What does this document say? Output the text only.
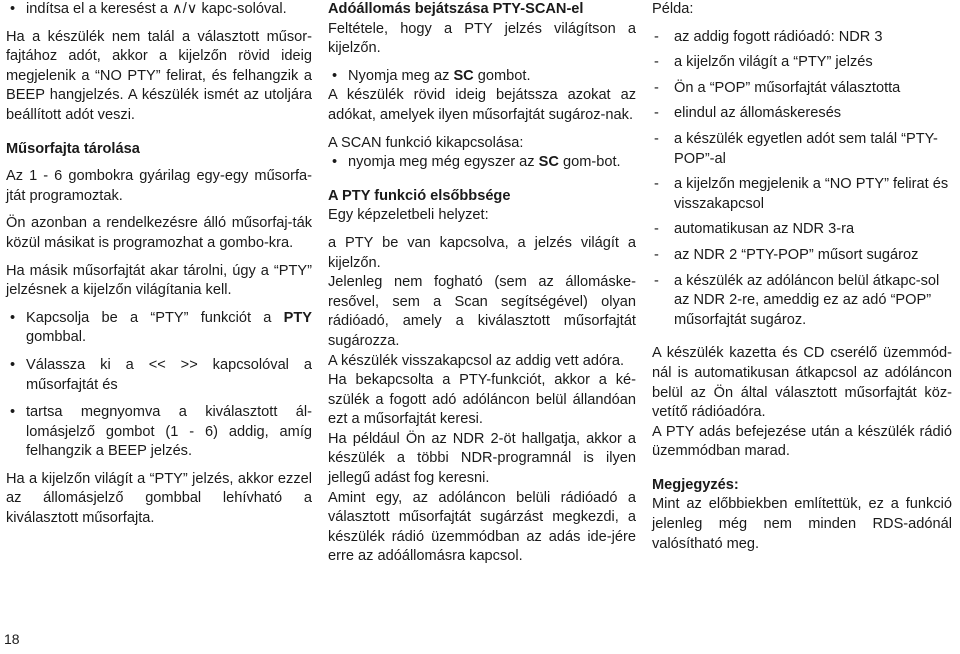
• indítsa el a keresést a ∧/∨ kapc-solóval.

Ha a készülék nem talál a választott műsor-fajtához adót, akkor a kijelzőn rövid ideig megjelenik a “NO PTY” felirat, és felhangzik a BEEP hangjelzés. A készülék ismét az utoljára beállított adót veszi.

Műsorfajta tárolása

Az 1 - 6 gombokra gyárilag egy-egy műsorfa-jtát programoztak.

Ön azonban a rendelkezésre álló műsorfaj-ták közül másikat is programozhat a gombo-kra.

Ha másik műsorfajtát akar tárolni, úgy a “PTY” jelzésnek a kijelzőn világítania kell.

• Kapcsolja be a “PTY” funkciót a PTY gombbal.
• Válassza ki a << >> kapcsolóval a műsorfajtát és
• tartsa megnyomva a kiválasztott ál-lomásjelző gombot (1 - 6) addig, amíg felhangzik a BEEP jelzés.

Ha a kijelzőn világít a “PTY” jelzés, akkor ezzel az állomásjelző gombbal lehívható a kiválasztott műsorfajta.

Adóállomás bejátszása PTY-SCAN-el

Feltétele, hogy a PTY jelzés világítson a kijelzőn.

• Nyomja meg az SC gombot.

A készülék rövid ideig bejátssza azokat az adókat, amelyek ilyen műsorfajtát sugároz-nak.

A SCAN funkció kikapcsolása:

• nyomja meg még egyszer az SC gom-bot.
A PTY funkció elsőbbsége

Egy képzeletbeli helyzet:

a PTY be van kapcsolva, a jelzés világít a kijelzőn.

Jelenleg nem fogható (sem az állomáske-resővel, sem a Scan segítségével) olyan rádióadó, amely a kiválasztott műsorfajtát sugározza.

A készülék visszakapcsol az addig vett adóra.

Ha bekapcsolta a PTY-funkciót, akkor a ké-szülék a fogott adó adóláncon belül állandóan ezt a műsorfajtát keresi.

Ha például Ön az NDR 2-öt hallgatja, akkor a készülék a többi NDR-programnál is ilyen jellegű adást fog keresni.

Amint egy, az adóláncon belüli rádióadó a választott műsorfajtát sugárzást megkezdi, a készülék rádió üzemmódban az adás ide-jére erre az adóállomásra kapcsol.

Példa:

- az addig fogott rádióadó: NDR 3
- a kijelzőn világít a “PTY” jelzés
- Ön a “POP” műsorfajtát választotta
- elindul az állomáskeresés
- a készülék egyetlen adót sem talál “PTY-POP”-al
- a kijelzőn megjelenik a “NO PTY” felirat és visszakapcsol
- automatikusan az NDR 3-ra
- az NDR 2 “PTY-POP” műsort sugároz
- a készülék az adóláncon belül átkapc-sol az NDR 2-re, ameddig ez az adó “POP” műsorfajtát sugároz.

A készülék kazetta és CD cserélő üzemmód-nál is automatikusan átkapcsol az adóláncon belül az Ön által választott műsorfajtát köz-vetítő rádióadóra.

A PTY adás befejezése után a készülék rádió üzemmódban marad.

Megjegyzés:

Mint az előbbiekben említettük, ez a funkció jelenleg még nem minden RDS-adónál valósítható meg.

18
